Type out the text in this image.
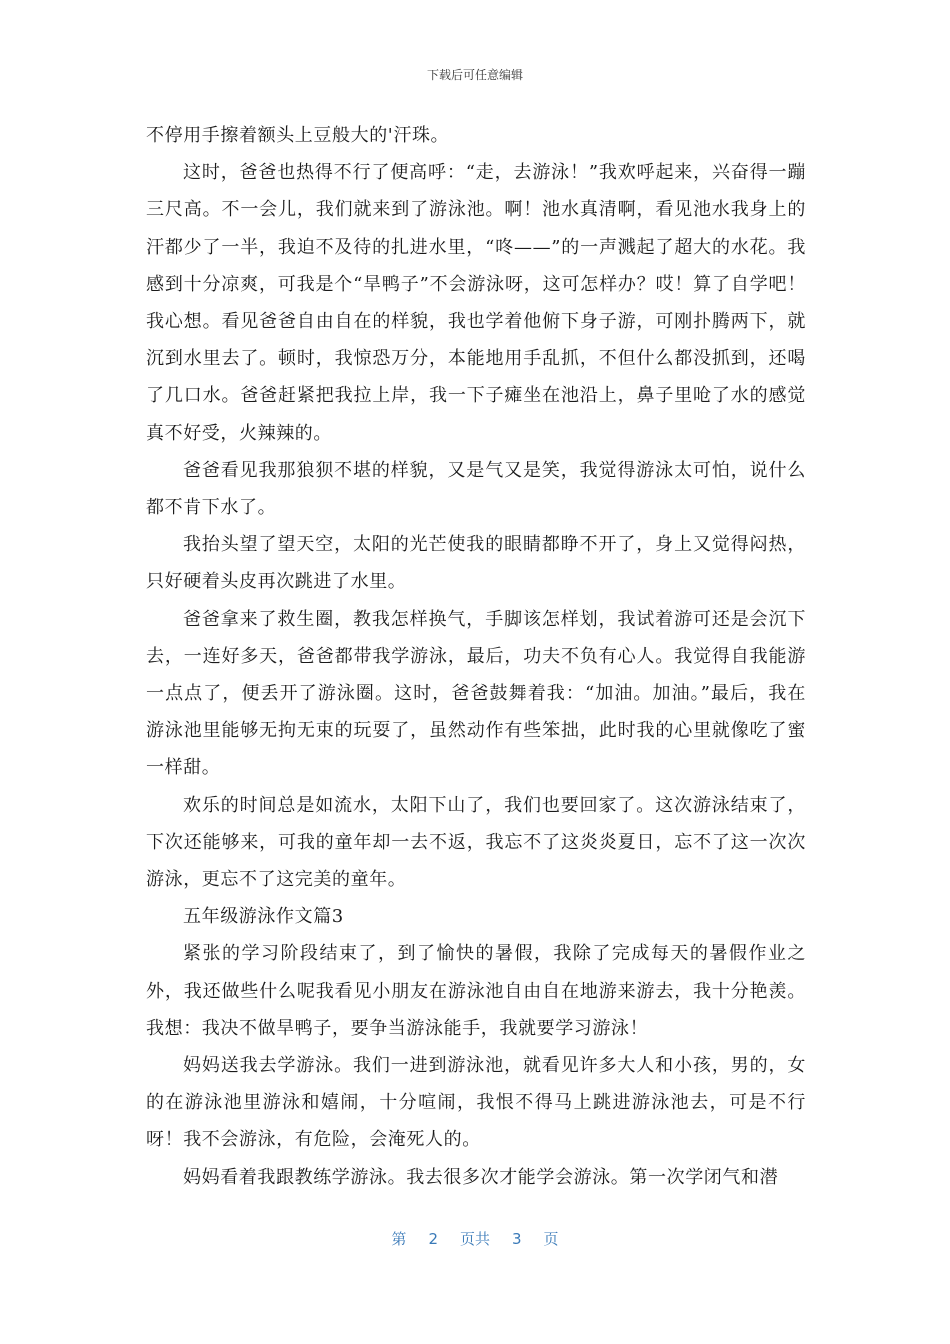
下载后可任意编辑

不停用手擦着额头上豆般大的'汗珠。

这时，爸爸也热得不行了便高呼：“走，去游泳！”我欢呼起来，兴奋得一蹦三尺高。不一会儿，我们就来到了游泳池。啊！池水真清啊，看见池水我身上的汗都少了一半，我迫不及待的扎进水里，“咚——”的一声溅起了超大的水花。我感到十分凉爽，可我是个“旱鸭子”不会游泳呀，这可怎样办？哎！算了自学吧！我心想。看见爸爸自由自在的样貌，我也学着他俯下身子游，可刚扑腾两下，就沉到水里去了。顿时，我惊恐万分，本能地用手乱抓，不但什么都没抓到，还喝了几口水。爸爸赶紧把我拉上岸，我一下子瘫坐在池沿上，鼻子里呛了水的感觉真不好受，火辣辣的。

爸爸看见我那狼狈不堪的样貌，又是气又是笑，我觉得游泳太可怕，说什么都不肯下水了。

我抬头望了望天空，太阳的光芒使我的眼睛都睁不开了，身上又觉得闷热，只好硬着头皮再次跳进了水里。

爸爸拿来了救生圈，教我怎样换气，手脚该怎样划，我试着游可还是会沉下去，一连好多天，爸爸都带我学游泳，最后，功夫不负有心人。我觉得自我能游一点点了，便丢开了游泳圈。这时，爸爸鼓舞着我：“加油。加油。”最后，我在游泳池里能够无拘无束的玩耍了，虽然动作有些笨拙，此时我的心里就像吃了蜜一样甜。

欢乐的时间总是如流水，太阳下山了，我们也要回家了。这次游泳结束了，下次还能够来，可我的童年却一去不返，我忘不了这炎炎夏日，忘不了这一次次游泳，更忘不了这完美的童年。

五年级游泳作文篇3

紧张的学习阶段结束了，到了愉快的暑假，我除了完成每天的暑假作业之外，我还做些什么呢我看见小朋友在游泳池自由自在地游来游去，我十分艳羡。我想：我决不做旱鸭子，要争当游泳能手，我就要学习游泳！

妈妈送我去学游泳。我们一进到游泳池，就看见许多大人和小孩，男的，女的在游泳池里游泳和嬉闹，十分喧闹，我恨不得马上跳进游泳池去，可是不行呀！我不会游泳，有危险，会淹死人的。

妈妈看着我跟教练学游泳。我去很多次才能学会游泳。第一次学闭气和潜

第 2 页共 3 页
